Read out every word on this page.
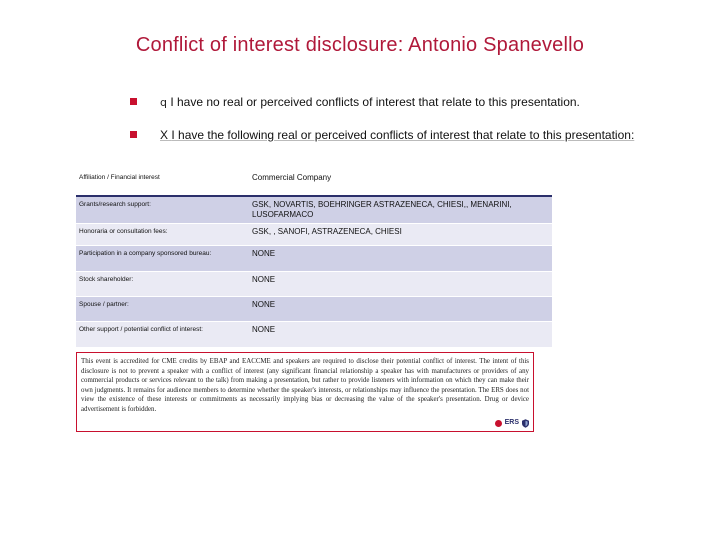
Conflict of interest disclosure: Antonio Spanevello
q I have no real or perceived conflicts of interest that relate to this presentation.
X I have the following real or perceived conflicts of interest that relate to this presentation:
Affiliation / Financial interest	Commercial Company
Grants/research support:	GSK, NOVARTIS, BOEHRINGER ASTRAZENECA, CHIESI,, MENARINI, LUSOFARMACO
Honoraria or consultation fees:	GSK, , SANOFI, ASTRAZENECA, CHIESI
Participation in a company sponsored bureau:	NONE
Stock shareholder:	NONE
Spouse / partner:	NONE
Other support / potential conflict of interest:	NONE
This event is accredited for CME credits by EBAP and EACCME and speakers are required to disclose their potential conflict of interest. The intent of this disclosure is not to prevent a speaker with a conflict of interest (any significant financial relationship a speaker has with manufacturers or providers of any commercial products or services relevant to the talk) from making a presentation, but rather to provide listeners with information on which they can make their own judgments. It remains for audience members to determine whether the speaker's interests, or relationships may influence the presentation. The ERS does not view the existence of these interests or commitments as necessarily implying bias or decreasing the value of the speaker's presentation. Drug or device advertisement is forbidden.
ERS
